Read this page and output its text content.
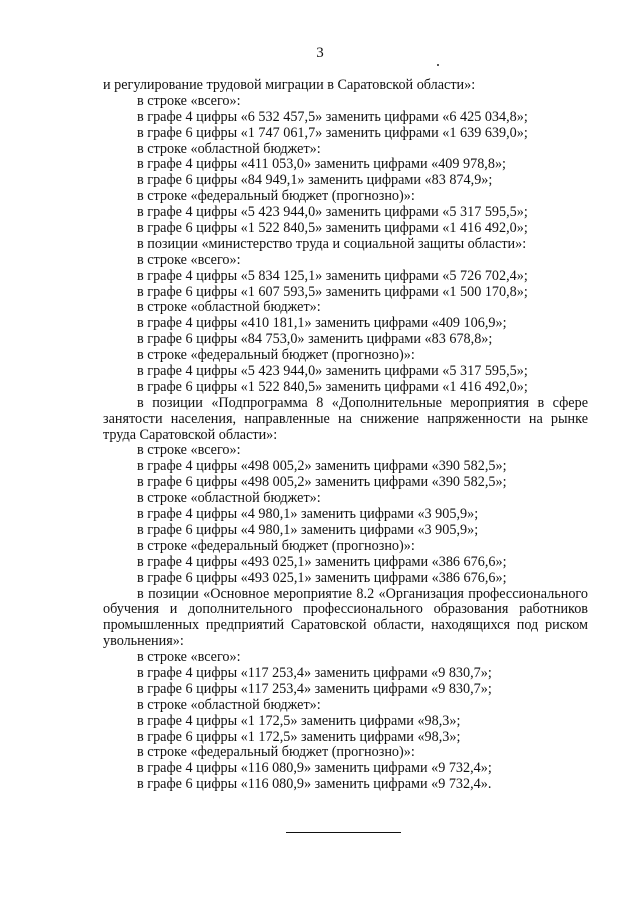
3
и регулирование трудовой миграции в Саратовской области»:
в строке «всего»:
в графе 4 цифры «6 532 457,5» заменить цифрами «6 425 034,8»;
в графе 6 цифры «1 747 061,7» заменить цифрами «1 639 639,0»;
в строке «областной бюджет»:
в графе 4 цифры «411 053,0» заменить цифрами «409 978,8»;
в графе 6 цифры «84 949,1» заменить цифрами «83 874,9»;
в строке «федеральный бюджет (прогнозно)»:
в графе 4 цифры «5 423 944,0» заменить цифрами «5 317 595,5»;
в графе 6 цифры «1 522 840,5» заменить цифрами «1 416 492,0»;
в позиции «министерство труда и социальной защиты области»:
в строке «всего»:
в графе 4 цифры «5 834 125,1» заменить цифрами «5 726 702,4»;
в графе 6 цифры «1 607 593,5» заменить цифрами «1 500 170,8»;
в строке «областной бюджет»:
в графе 4 цифры «410 181,1» заменить цифрами «409 106,9»;
в графе 6 цифры «84 753,0» заменить цифрами «83 678,8»;
в строке «федеральный бюджет (прогнозно)»:
в графе 4 цифры «5 423 944,0» заменить цифрами «5 317 595,5»;
в графе 6 цифры «1 522 840,5» заменить цифрами «1 416 492,0»;
в позиции «Подпрограмма 8 «Дополнительные мероприятия в сфере
занятости населения, направленные на снижение напряженности на рынке
труда Саратовской области»:
в строке «всего»:
в графе 4 цифры «498 005,2» заменить цифрами «390 582,5»;
в графе 6 цифры «498 005,2» заменить цифрами «390 582,5»;
в строке «областной бюджет»:
в графе 4 цифры «4 980,1» заменить цифрами «3 905,9»;
в графе 6 цифры «4 980,1» заменить цифрами «3 905,9»;
в строке «федеральный бюджет (прогнозно)»:
в графе 4 цифры «493 025,1» заменить цифрами «386 676,6»;
в графе 6 цифры «493 025,1» заменить цифрами «386 676,6»;
в позиции «Основное мероприятие 8.2 «Организация профессионального
обучения и дополнительного профессионального образования работников
промышленных предприятий Саратовской области, находящихся под риском
увольнения»:
в строке «всего»:
в графе 4 цифры «117 253,4» заменить цифрами «9 830,7»;
в графе 6 цифры «117 253,4» заменить цифрами «9 830,7»;
в строке «областной бюджет»:
в графе 4 цифры «1 172,5» заменить цифрами «98,3»;
в графе 6 цифры «1 172,5» заменить цифрами «98,3»;
в строке «федеральный бюджет (прогнозно)»:
в графе 4 цифры «116 080,9» заменить цифрами «9 732,4»;
в графе 6 цифры «116 080,9» заменить цифрами «9 732,4».
